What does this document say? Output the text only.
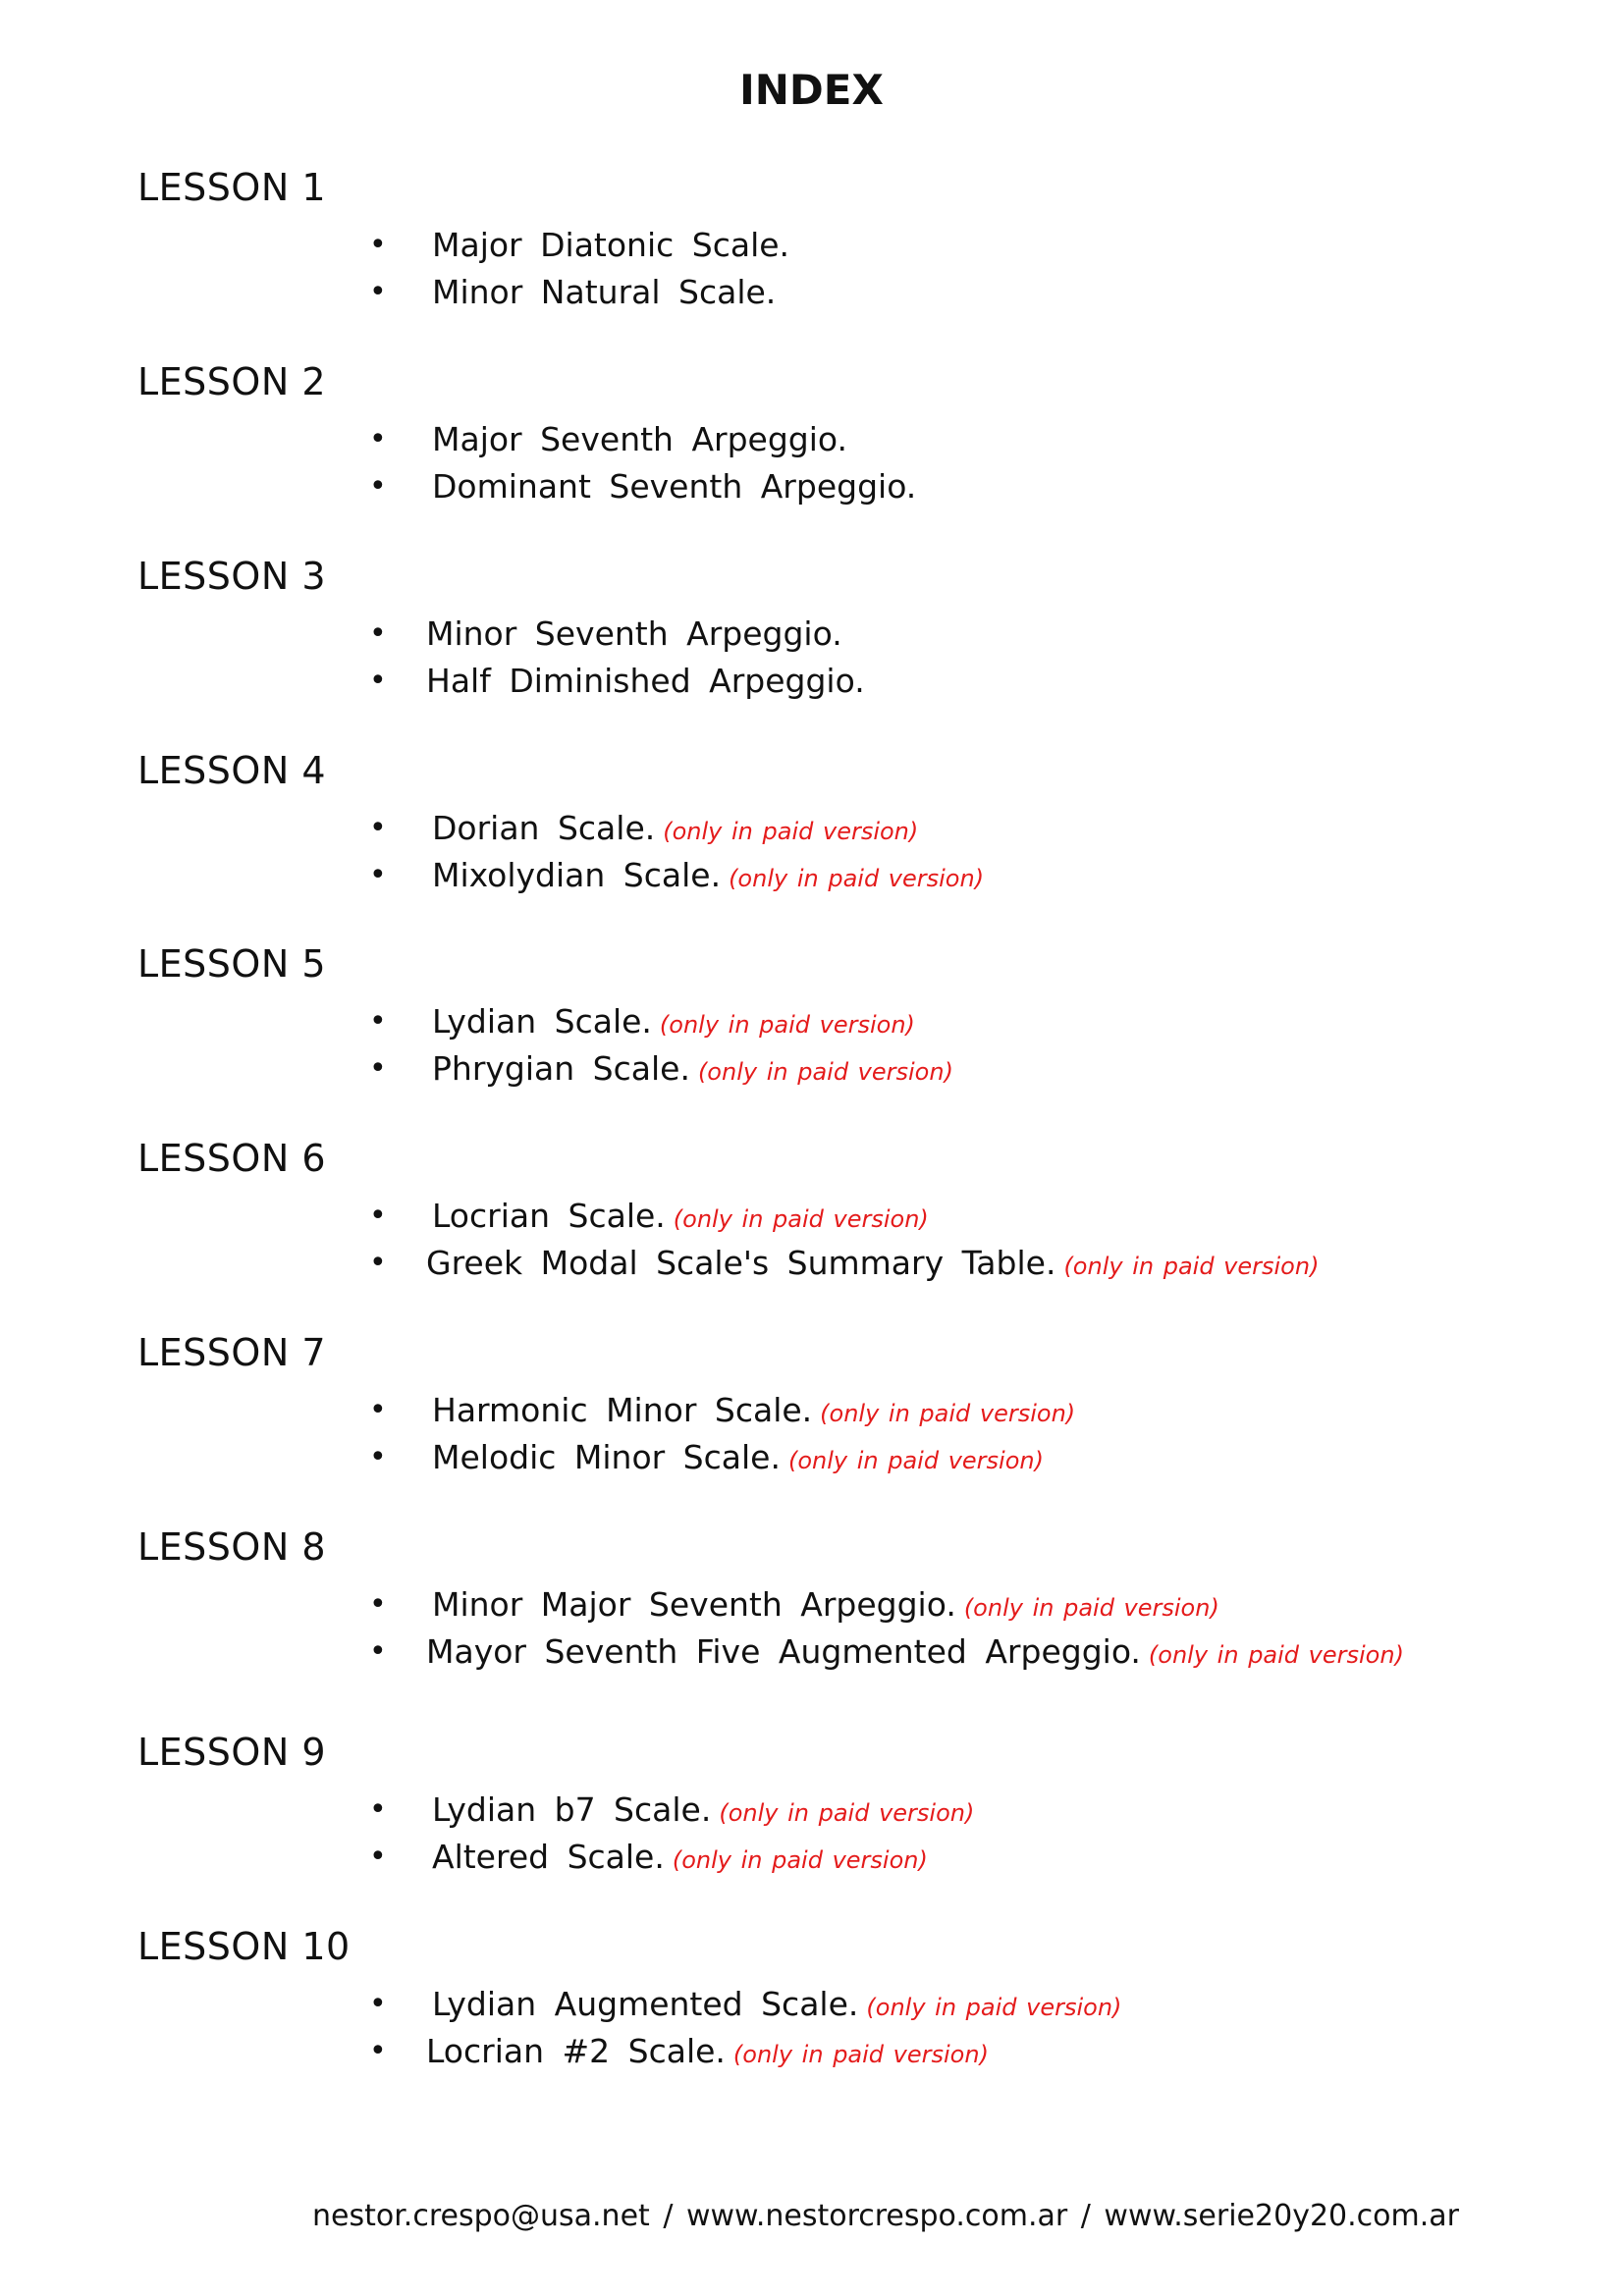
INDEX
LESSON 1
• Major Diatonic Scale.
• Minor Natural Scale.
LESSON 2
• Major Seventh Arpeggio.
• Dominant Seventh Arpeggio.
LESSON 3
• Minor Seventh Arpeggio.
• Half Diminished Arpeggio.
LESSON 4
• Dorian Scale. (only in paid version)
• Mixolydian Scale. (only in paid version)
LESSON 5
• Lydian Scale. (only in paid version)
• Phrygian Scale. (only in paid version)
LESSON 6
• Locrian Scale. (only in paid version)
• Greek Modal Scale's Summary Table. (only in paid version)
LESSON 7
• Harmonic Minor Scale. (only in paid version)
• Melodic Minor Scale. (only in paid version)
LESSON 8
• Minor Major Seventh Arpeggio. (only in paid version)
• Mayor Seventh Five Augmented Arpeggio. (only in paid version)
LESSON 9
• Lydian b7 Scale. (only in paid version)
• Altered Scale. (only in paid version)
LESSON 10
• Lydian Augmented Scale. (only in paid version)
• Locrian #2 Scale. (only in paid version)
nestor.crespo@usa.net / www.nestorcrespo.com.ar / www.serie20y20.com.ar
